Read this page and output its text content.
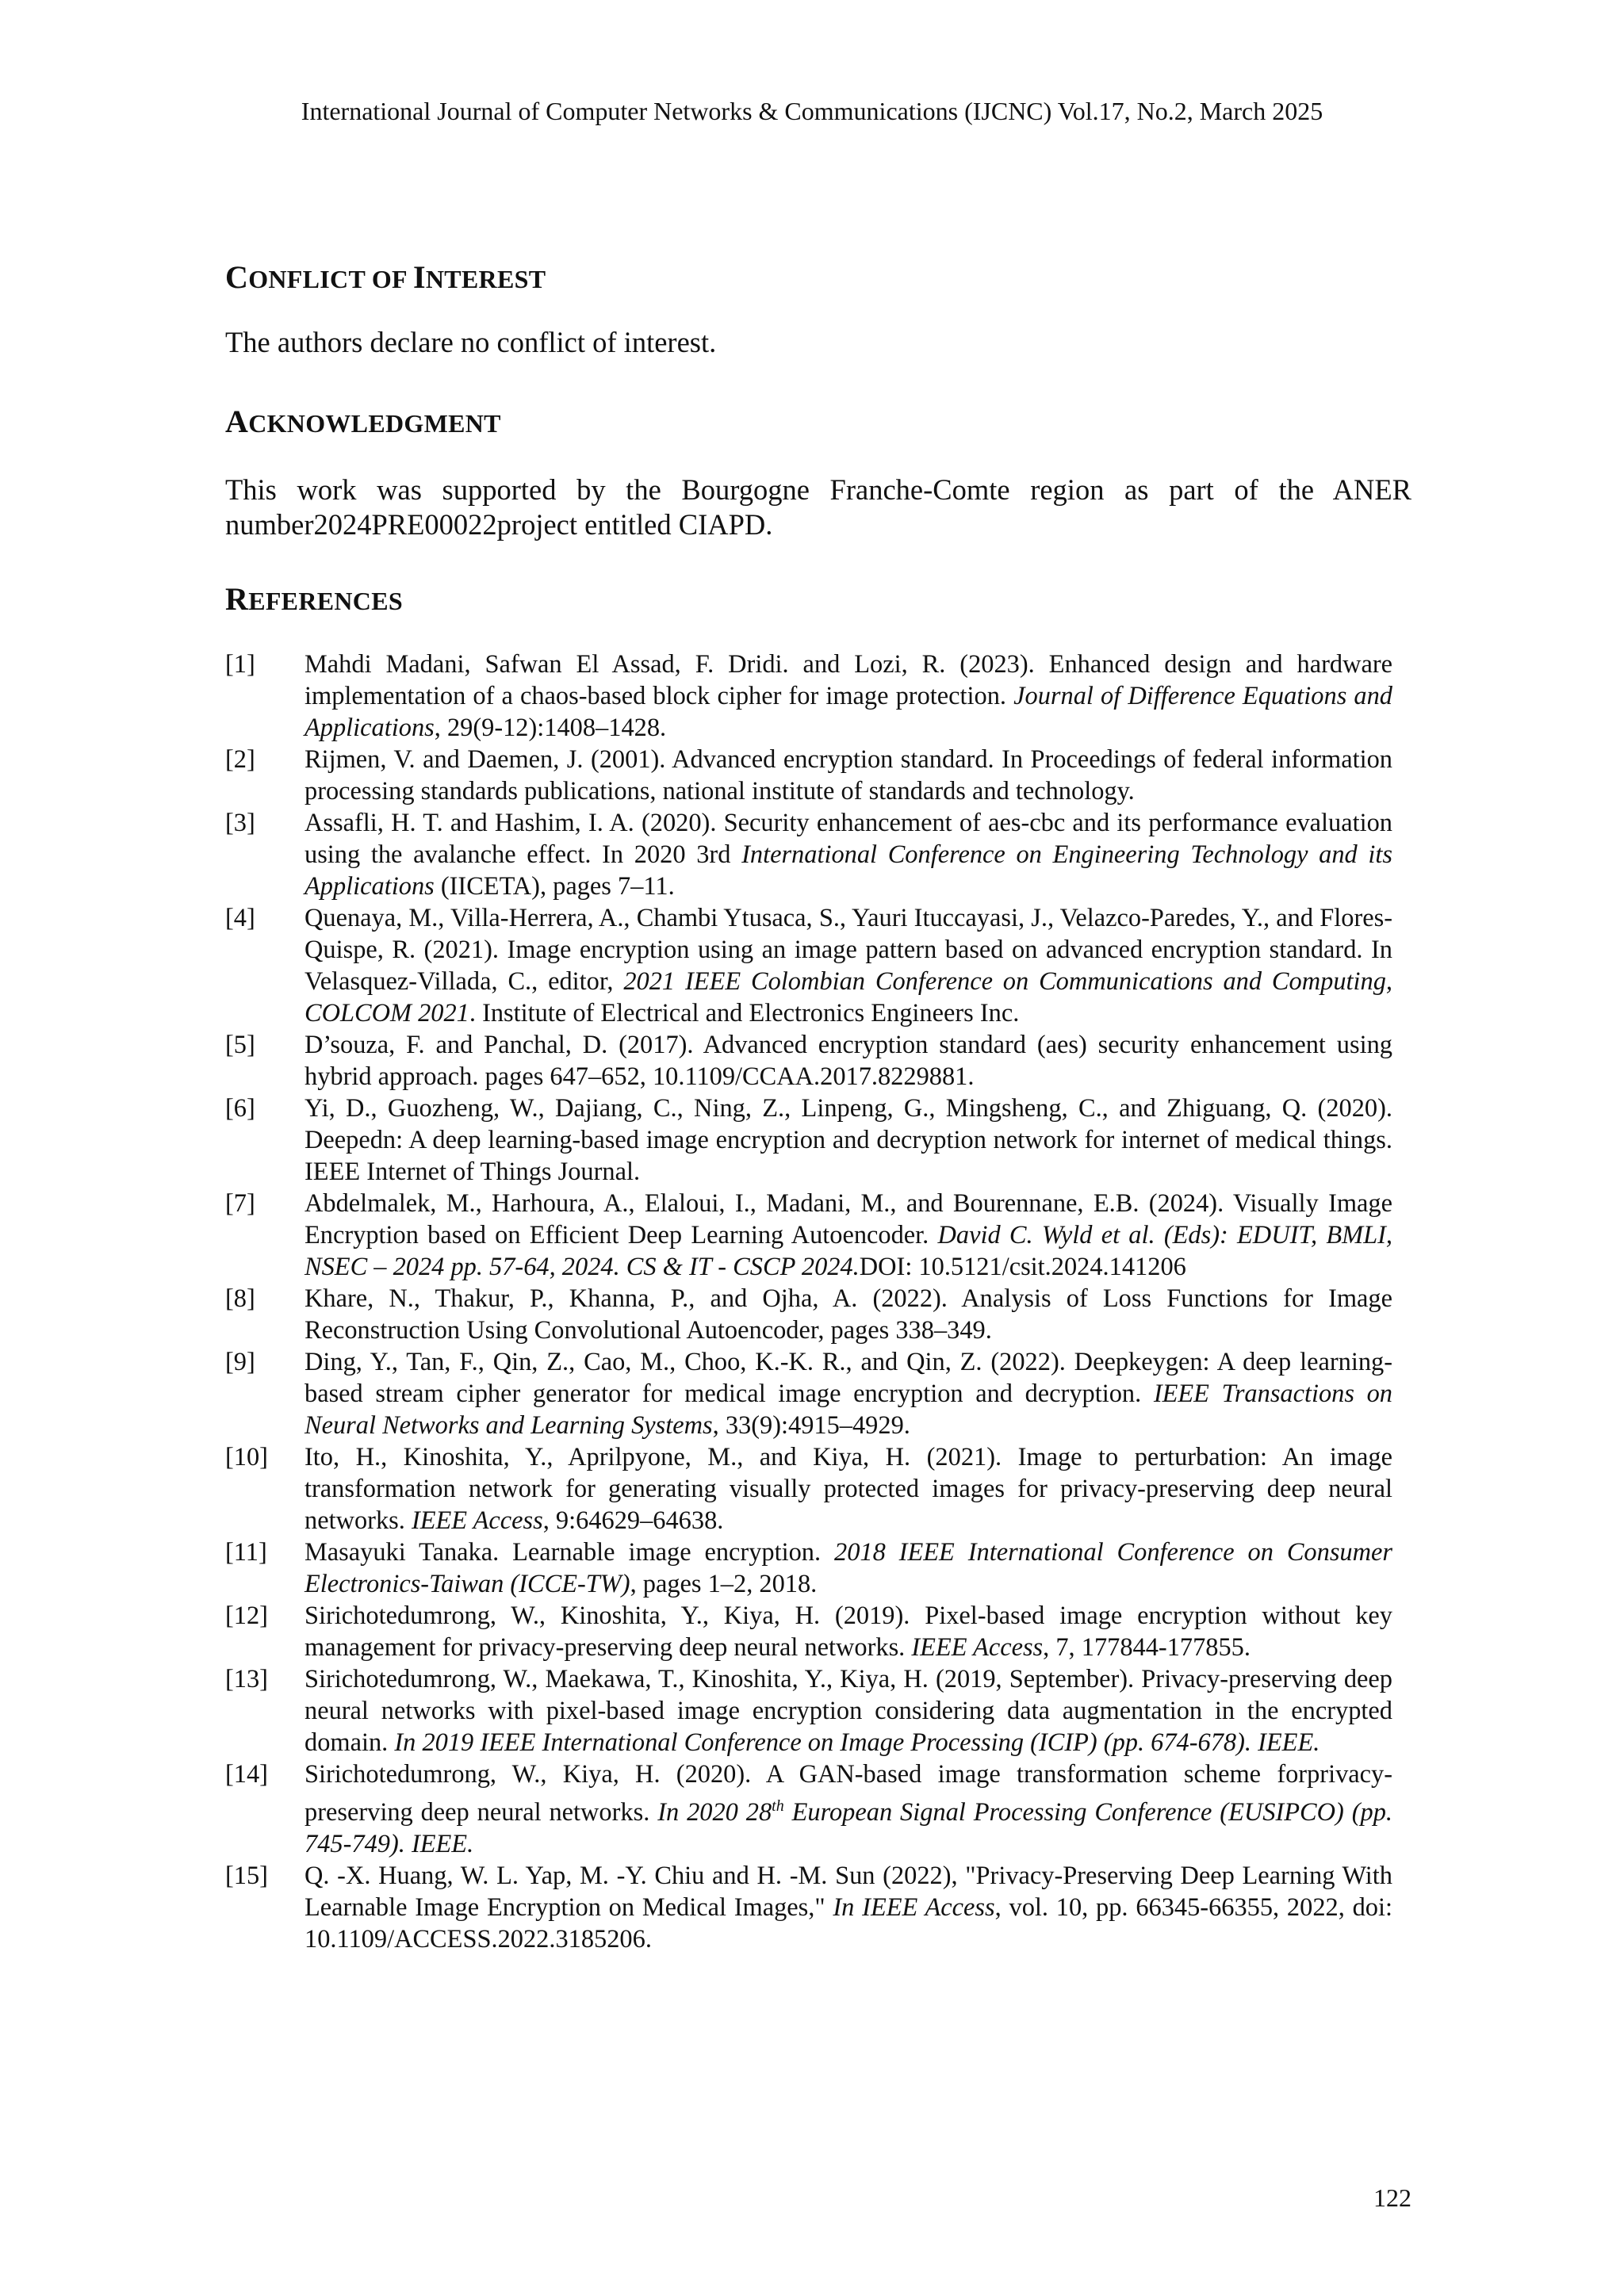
International Journal of Computer Networks & Communications (IJCNC) Vol.17, No.2, March 2025
CONFLICT OF INTEREST
The authors declare no conflict of interest.
ACKNOWLEDGMENT
This work was supported by the Bourgogne Franche-Comte region as part of the ANER number2024PRE00022project entitled CIAPD.
REFERENCES
[1]	Mahdi Madani, Safwan El Assad, F. Dridi. and Lozi, R. (2023). Enhanced design and hardware implementation of a chaos-based block cipher for image protection. Journal of Difference Equations and Applications, 29(9-12):1408–1428.
[2]	Rijmen, V. and Daemen, J. (2001). Advanced encryption standard. In Proceedings of federal information processing standards publications, national institute of standards and technology.
[3]	Assafli, H. T. and Hashim, I. A. (2020). Security enhancement of aes-cbc and its performance evaluation using the avalanche effect. In 2020 3rd International Conference on Engineering Technology and its Applications (IICETA), pages 7–11.
[4]	Quenaya, M., Villa-Herrera, A., Chambi Ytusaca, S., Yauri Ituccayasi, J., Velazco-Paredes, Y., and Flores-Quispe, R. (2021). Image encryption using an image pattern based on advanced encryption standard. In Velasquez-Villada, C., editor, 2021 IEEE Colombian Conference on Communications and Computing, COLCOM 2021. Institute of Electrical and Electronics Engineers Inc.
[5]	D’souza, F. and Panchal, D. (2017). Advanced encryption standard (aes) security enhancement using hybrid approach. pages 647–652, 10.1109/CCAA.2017.8229881.
[6]	Yi, D., Guozheng, W., Dajiang, C., Ning, Z., Linpeng, G., Mingsheng, C., and Zhiguang, Q. (2020). Deepedn: A deep learning-based image encryption and decryption network for internet of medical things. IEEE Internet of Things Journal.
[7]	Abdelmalek, M., Harhoura, A., Elaloui, I., Madani, M., and Bourennane, E.B. (2024). Visually Image Encryption based on Efficient Deep Learning Autoencoder. David C. Wyld et al. (Eds): EDUIT, BMLI, NSEC – 2024 pp. 57-64, 2024. CS & IT - CSCP 2024.DOI: 10.5121/csit.2024.141206
[8]	Khare, N., Thakur, P., Khanna, P., and Ojha, A. (2022). Analysis of Loss Functions for Image Reconstruction Using Convolutional Autoencoder, pages 338–349.
[9]	Ding, Y., Tan, F., Qin, Z., Cao, M., Choo, K.-K. R., and Qin, Z. (2022). Deepkeygen: A deep learning-based stream cipher generator for medical image encryption and decryption. IEEE Transactions on Neural Networks and Learning Systems, 33(9):4915–4929.
[10]	Ito, H., Kinoshita, Y., Aprilpyone, M., and Kiya, H. (2021). Image to perturbation: An image transformation network for generating visually protected images for privacy-preserving deep neural networks. IEEE Access, 9:64629–64638.
[11]	Masayuki Tanaka. Learnable image encryption. 2018 IEEE International Conference on Consumer Electronics-Taiwan (ICCE-TW), pages 1–2, 2018.
[12]	Sirichotedumrong, W., Kinoshita, Y., Kiya, H. (2019). Pixel-based image encryption without key management for privacy-preserving deep neural networks. IEEE Access, 7, 177844-177855.
[13]	Sirichotedumrong, W., Maekawa, T., Kinoshita, Y., Kiya, H. (2019, September). Privacy-preserving deep neural networks with pixel-based image encryption considering data augmentation in the encrypted domain. In 2019 IEEE International Conference on Image Processing (ICIP) (pp. 674-678). IEEE.
[14]	Sirichotedumrong, W., Kiya, H. (2020). A GAN-based image transformation scheme forprivacy-preserving deep neural networks. In 2020 28th European Signal Processing Conference (EUSIPCO) (pp. 745-749). IEEE.
[15]	Q. -X. Huang, W. L. Yap, M. -Y. Chiu and H. -M. Sun (2022), "Privacy-Preserving Deep Learning With Learnable Image Encryption on Medical Images," In IEEE Access, vol. 10, pp. 66345-66355, 2022, doi: 10.1109/ACCESS.2022.3185206.
122
